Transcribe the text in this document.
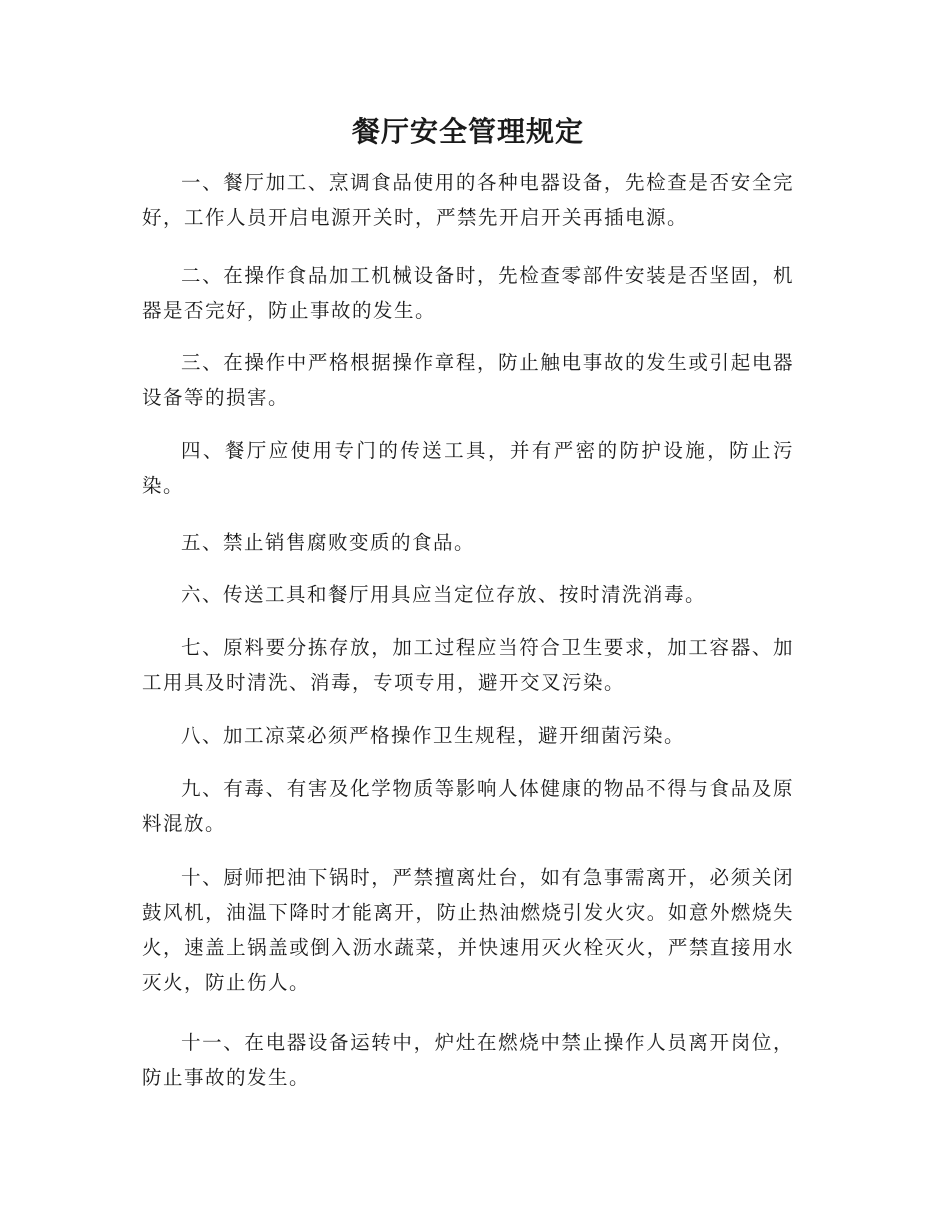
餐厅安全管理规定

一、餐厅加工、烹调食品使用的各种电器设备，先检查是否安全完好，工作人员开启电源开关时，严禁先开启开关再插电源。

二、在操作食品加工机械设备时，先检查零部件安装是否坚固，机器是否完好，防止事故的发生。

三、在操作中严格根据操作章程，防止触电事故的发生或引起电器设备等的损害。

四、餐厅应使用专门的传送工具，并有严密的防护设施，防止污染。

五、禁止销售腐败变质的食品。

六、传送工具和餐厅用具应当定位存放、按时清洗消毒。

七、原料要分拣存放，加工过程应当符合卫生要求，加工容器、加工用具及时清洗、消毒，专项专用，避开交叉污染。

八、加工凉菜必须严格操作卫生规程，避开细菌污染。

九、有毒、有害及化学物质等影响人体健康的物品不得与食品及原料混放。

十、厨师把油下锅时，严禁擅离灶台，如有急事需离开，必须关闭鼓风机，油温下降时才能离开，防止热油燃烧引发火灾。如意外燃烧失火，速盖上锅盖或倒入沥水蔬菜，并快速用灭火栓灭火，严禁直接用水灭火，防止伤人。

十一、在电器设备运转中，炉灶在燃烧中禁止操作人员离开岗位，防止事故的发生。
